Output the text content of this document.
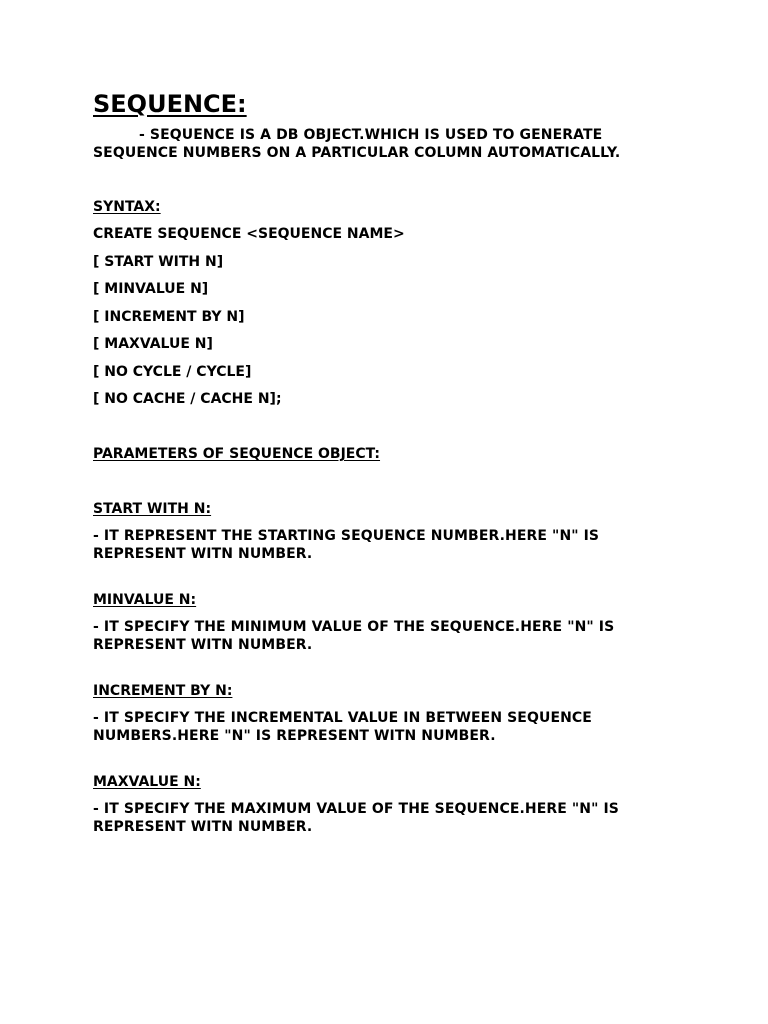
SEQUENCE:

- SEQUENCE IS A DB OBJECT.WHICH IS USED TO GENERATE SEQUENCE NUMBERS ON A PARTICULAR COLUMN AUTOMATICALLY.

SYNTAX:
CREATE SEQUENCE <SEQUENCE NAME>
[ START WITH N]
[ MINVALUE N]
[ INCREMENT BY N]
[ MAXVALUE N]
[ NO CYCLE / CYCLE]
[ NO CACHE / CACHE N];
PARAMETERS OF SEQUENCE OBJECT:
START WITH N:

- IT REPRESENT THE STARTING SEQUENCE NUMBER.HERE "N" IS REPRESENT WITN NUMBER.

MINVALUE N:

- IT SPECIFY THE MINIMUM VALUE OF THE SEQUENCE.HERE "N" IS REPRESENT WITN NUMBER.

INCREMENT BY N:

- IT SPECIFY THE INCREMENTAL VALUE IN BETWEEN SEQUENCE NUMBERS.HERE "N" IS REPRESENT WITN NUMBER.

MAXVALUE N:

- IT SPECIFY THE MAXIMUM VALUE OF THE SEQUENCE.HERE "N" IS REPRESENT WITN NUMBER.
